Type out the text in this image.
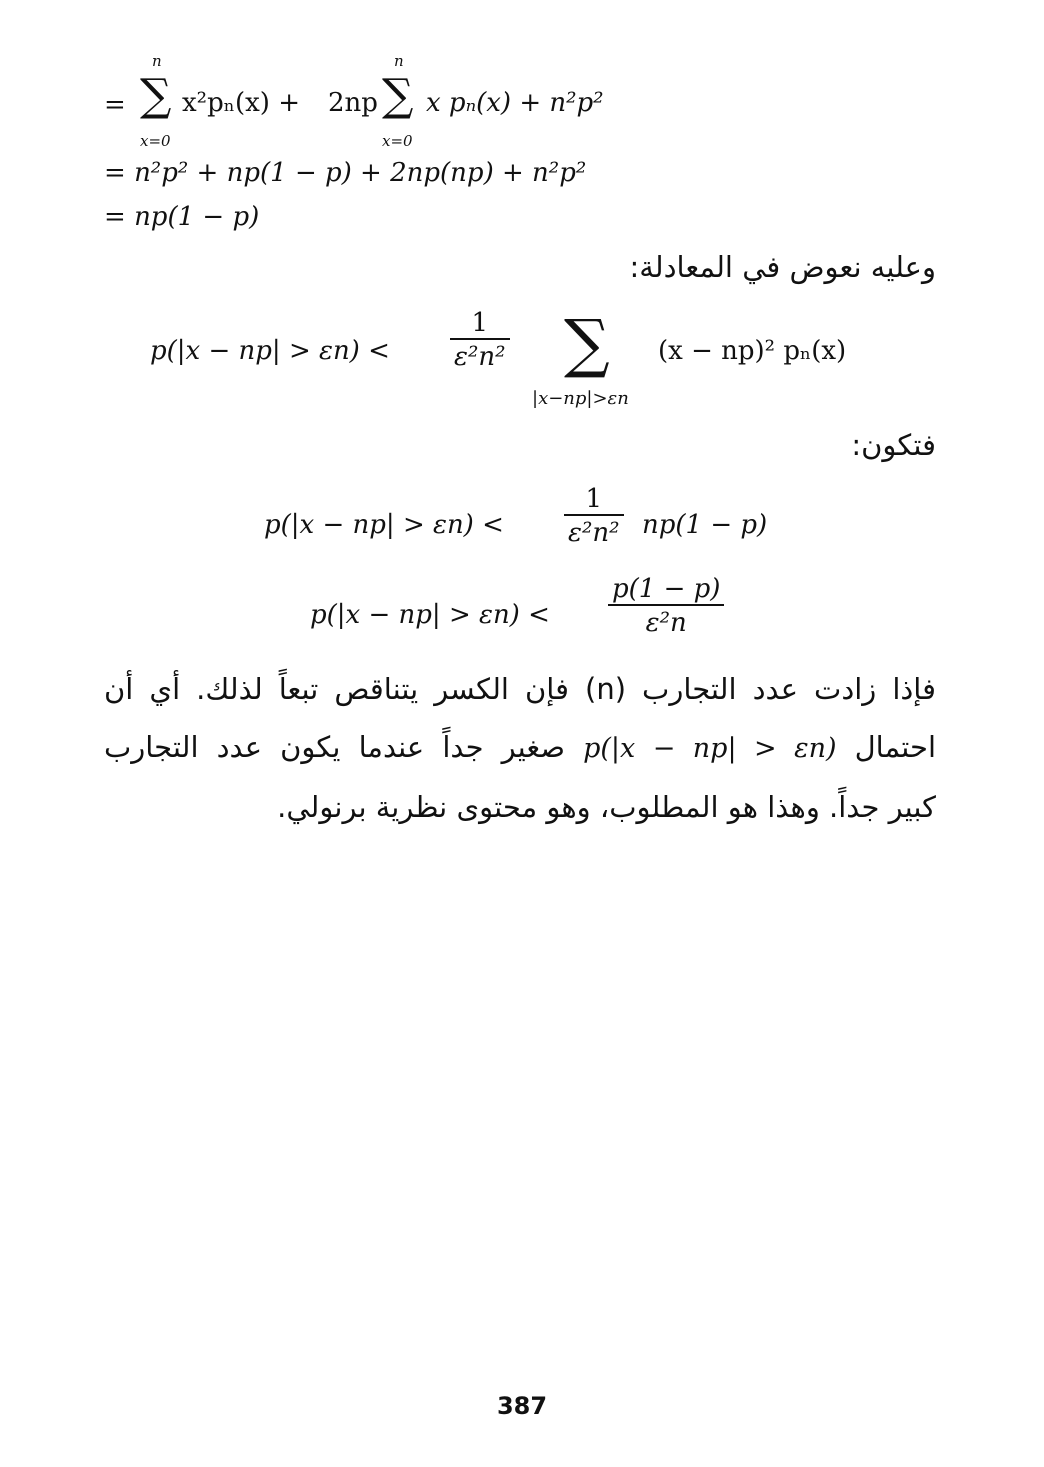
=
n
∑
x=0
x²pₙ(x) + 2np
n
∑
x=0
x pₙ(x) + n²p²
= n²p² + np(1 − p) + 2np(np) + n²p²
= np(1 − p)
وعليه نعوض في المعادلة:
$p(|x - np| > \varepsilon n) < \frac{1}{\text{ε²n²}}$ ∑
|x−np|>εn
(x − np)² pₙ(x)
فتكون:
$p(|x - np| > \varepsilon n) < \frac{1}{\text{ε²n²}} np(1 - p)$
$p(|x - np| > \varepsilon n) < \frac{p(1 - p)}{\text{ε²n}}$
فإذا زادت عدد التجارب (n) فإن الكسر يتناقص تبعاً لذلك. أي أن
احتمال p(|x − np| > εn) صغير جداً عندما يكون عدد التجارب
كبير جداً. وهذا هو المطلوب، وهو محتوى نظرية برنولي.
387
